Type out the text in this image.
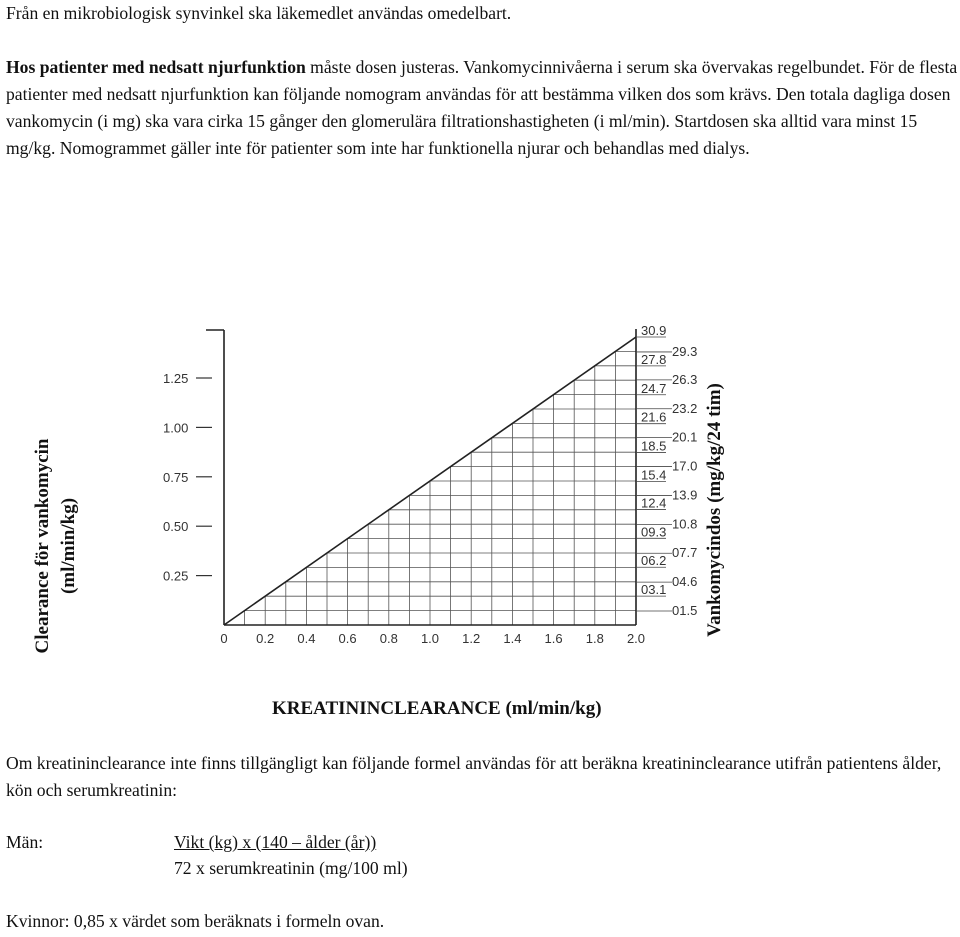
Från en mikrobiologisk synvinkel ska läkemedlet användas omedelbart.

Hos patienter med nedsatt njurfunktion måste dosen justeras. Vankomycinnivåerna i serum ska övervakas regelbundet. För de flesta patienter med nedsatt njurfunktion kan följande nomogram användas för att bestämma vilken dos som krävs. Den totala dagliga dosen vankomycin (i mg) ska vara cirka 15 gånger den glomerulära filtrationshastigheten (i ml/min). Startdosen ska alltid vara minst 15 mg/kg. Nomogrammet gäller inte för patienter som inte har funktionella njurar och behandlas med dialys.

Clearance för vankomycin (ml/min/kg)
1.25
1.00
0.75
0.50
0.25
0 0.2 0.4 0.6 0.8 1.0 1.2 1.4 1.6 1.8 2.0
30.9
27.8
24.7
21.6
18.5
15.4
12.4
09.3
06.2
03.1
29.3
26.3
23.2
20.1
17.0
13.9
10.8
07.7
04.6
01.5 Vankomycindos (mg/kg/24 tim)
KREATININCLEARANCE (ml/min/kg)

Om kreatininclearance inte finns tillgängligt kan följande formel användas för att beräkna kreatininclearance utifrån patientens ålder, kön och serumkreatinin:

Män:	Vikt (kg) x (140 – ålder (år))
72 x serumkreatinin (mg/100 ml)
Kvinnor: 0,85 x värdet som beräknats i formeln ovan.
